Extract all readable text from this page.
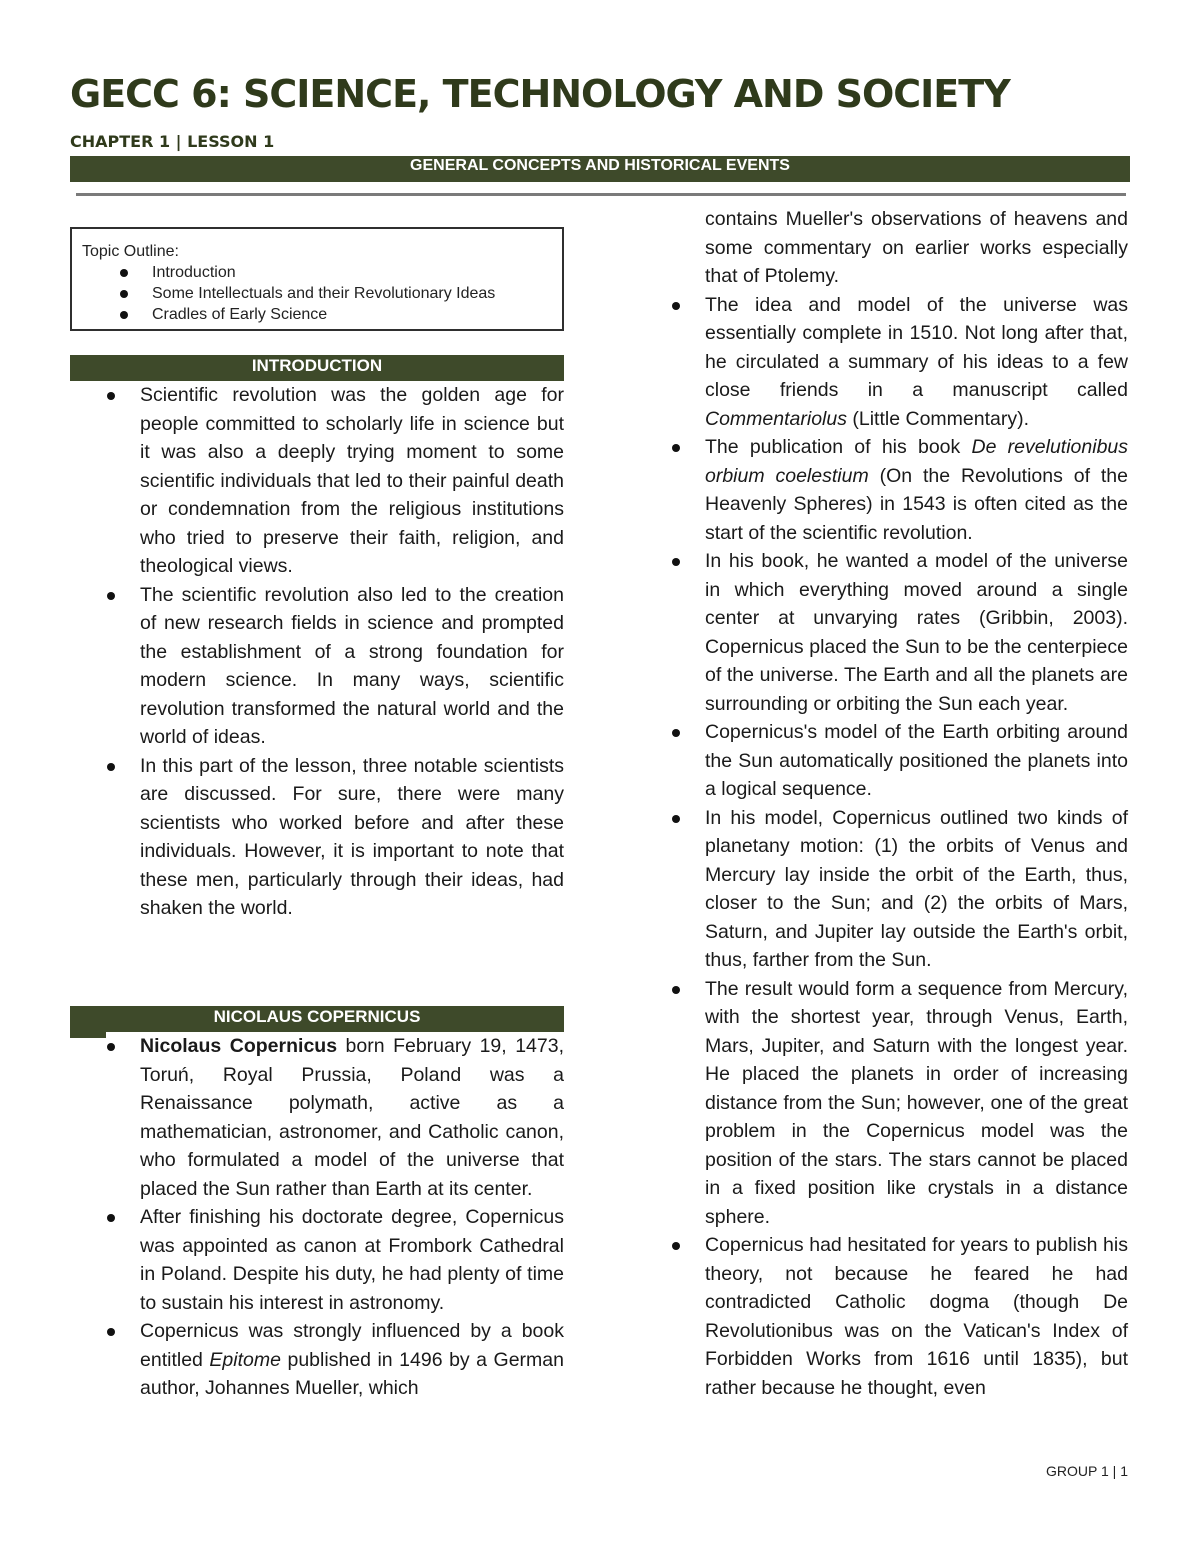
GECC 6: SCIENCE, TECHNOLOGY AND SOCIETY
CHAPTER 1 | LESSON 1
GENERAL CONCEPTS AND HISTORICAL EVENTS
Topic Outline:
Introduction
Some Intellectuals and their Revolutionary Ideas
Cradles of Early Science
INTRODUCTION
Scientific revolution was the golden age for people committed to scholarly life in science but it was also a deeply trying moment to some scientific individuals that led to their painful death or condemnation from the religious institutions who tried to preserve their faith, religion, and theological views.
The scientific revolution also led to the creation of new research fields in science and prompted the establishment of a strong foundation for modern science. In many ways, scientific revolution transformed the natural world and the world of ideas.
In this part of the lesson, three notable scientists are discussed. For sure, there were many scientists who worked before and after these individuals. However, it is important to note that these men, particularly through their ideas, had shaken the world.
NICOLAUS COPERNICUS
Nicolaus Copernicus born February 19, 1473, Toruń, Royal Prussia, Poland was a Renaissance polymath, active as a mathematician, astronomer, and Catholic canon, who formulated a model of the universe that placed the Sun rather than Earth at its center.
After finishing his doctorate degree, Copernicus was appointed as canon at Frombork Cathedral in Poland. Despite his duty, he had plenty of time to sustain his interest in astronomy.
Copernicus was strongly influenced by a book entitled Epitome published in 1496 by a German author, Johannes Mueller, which
contains Mueller's observations of heavens and some commentary on earlier works especially that of Ptolemy.
The idea and model of the universe was essentially complete in 1510. Not long after that, he circulated a summary of his ideas to a few close friends in a manuscript called Commentariolus (Little Commentary).
The publication of his book De revelutionibus orbium coelestium (On the Revolutions of the Heavenly Spheres) in 1543 is often cited as the start of the scientific revolution.
In his book, he wanted a model of the universe in which everything moved around a single center at unvarying rates (Gribbin, 2003). Copernicus placed the Sun to be the centerpiece of the universe. The Earth and all the planets are surrounding or orbiting the Sun each year.
Copernicus's model of the Earth orbiting around the Sun automatically positioned the planets into a logical sequence.
In his model, Copernicus outlined two kinds of planetany motion: (1) the orbits of Venus and Mercury lay inside the orbit of the Earth, thus, closer to the Sun; and (2) the orbits of Mars, Saturn, and Jupiter lay outside the Earth's orbit, thus, farther from the Sun.
The result would form a sequence from Mercury, with the shortest year, through Venus, Earth, Mars, Jupiter, and Saturn with the longest year. He placed the planets in order of increasing distance from the Sun; however, one of the great problem in the Copernicus model was the position of the stars. The stars cannot be placed in a fixed position like crystals in a distance sphere.
Copernicus had hesitated for years to publish his theory, not because he feared he had contradicted Catholic dogma (though De Revolutionibus was on the Vatican's Index of Forbidden Works from 1616 until 1835), but rather because he thought, even
GROUP 1 | 1
